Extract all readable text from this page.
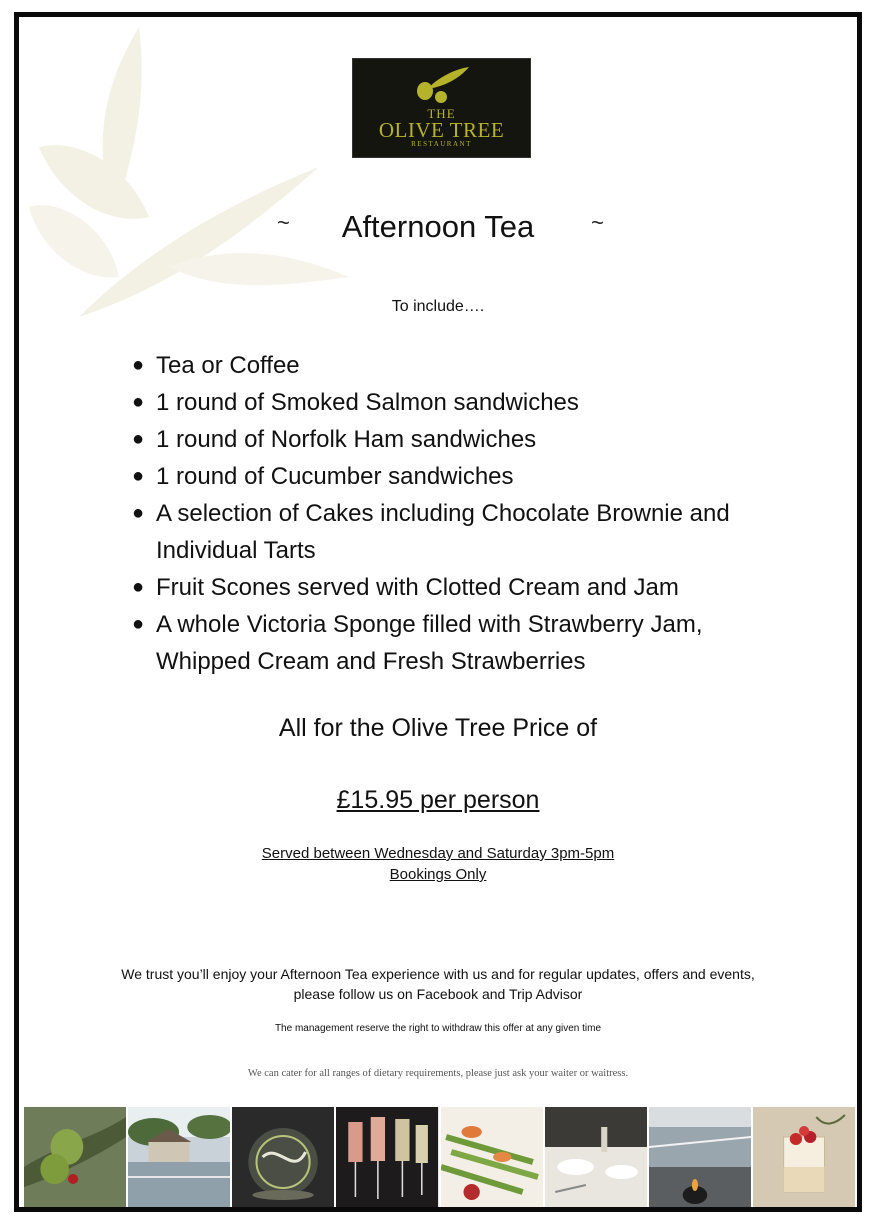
THE
OLIVE TREE
RESTAURANT
~	Afternoon Tea	~
To include….
● Tea or Coffee
● 1 round of Smoked Salmon sandwiches
● 1 round of Norfolk Ham sandwiches
● 1 round of Cucumber sandwiches
● A selection of Cakes including Chocolate Brownie and Individual Tarts
● Fruit Scones served with Clotted Cream and Jam
● A whole Victoria Sponge filled with Strawberry Jam, Whipped Cream and Fresh Strawberries
All for the Olive Tree Price of
£15.95 per person
Served between Wednesday and Saturday 3pm-5pm
Bookings Only
We trust you’ll enjoy your Afternoon Tea experience with us and for regular updates, offers and events, please follow us on Facebook and Trip Advisor
The management reserve the right to withdraw this offer at any given time
We can cater for all ranges of dietary requirements, please just ask your waiter or waitress.
